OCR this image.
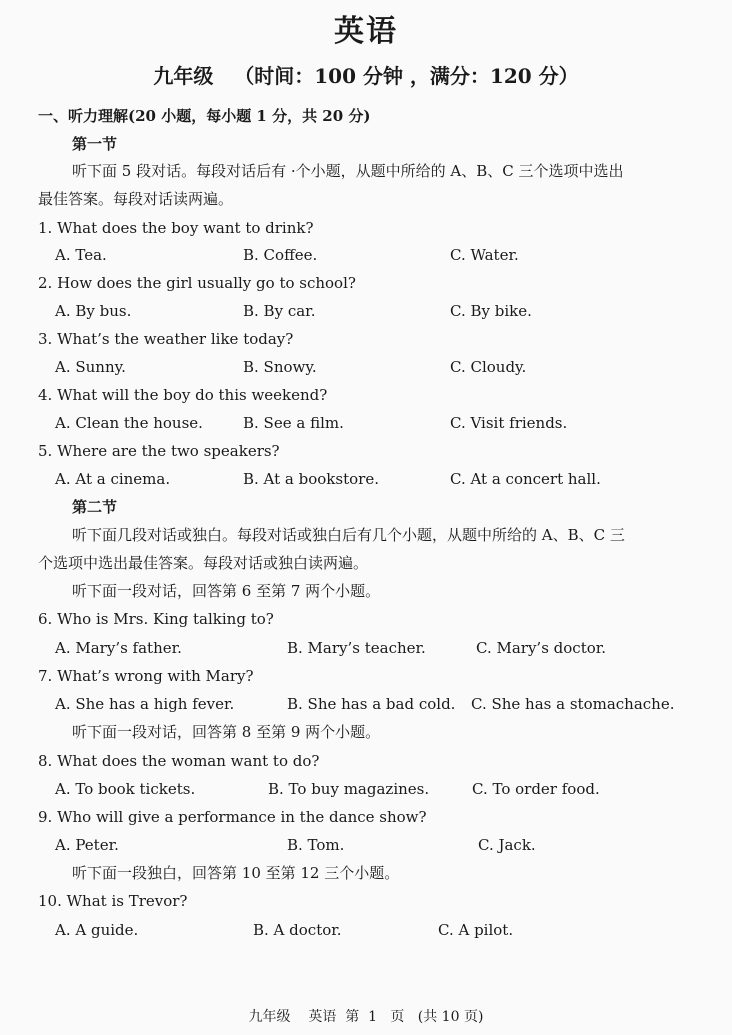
英语
九年级   （时间：100 分钟 ，满分：120 分）
一、听力理解(20 小题，每小题 1 分，共 20 分)
第一节
听下面 5 段对话。每段对话后有 ·个小题，从题中所给的 A、B、C 三个选项中选出
最佳答案。每段对话读两遍。
1. What does the boy want to drink?
A. Tea.	B. Coffee.	C. Water.
2. How does the girl usually go to school?
A. By bus.	B. By car.	C. By bike.
3. What’s the weather like today?
A. Sunny.	B. Snowy.	C. Cloudy.
4. What will the boy do this weekend?
A. Clean the house.	B. See a film.	C. Visit friends.
5. Where are the two speakers?
A. At a cinema.	B. At a bookstore.	C. At a concert hall.
第二节
听下面几段对话或独白。每段对话或独白后有几个小题，从题中所给的 A、B、C 三
个选项中选出最佳答案。每段对话或独白读两遍。
听下面一段对话，回答第 6 至第 7 两个小题。
6. Who is Mrs. King talking to?
A. Mary’s father.	B. Mary’s teacher.	C. Mary’s doctor.
7. What’s wrong with Mary?
A. She has a high fever.	B. She has a bad cold. C. She has a stomachache.
听下面一段对话，回答第 8 至第 9 两个小题。
8. What does the woman want to do?
A. To book tickets.	B. To buy magazines.	C. To order food.
9. Who will give a performance in the dance show?
A. Peter.	B. Tom.	C. Jack.
听下面一段独白，回答第 10 至第 12 三个小题。
10. What is Trevor?
A. A guide.	B. A doctor.	C. A pilot.
九年级    英语  第  1   页   (共 10 页)
